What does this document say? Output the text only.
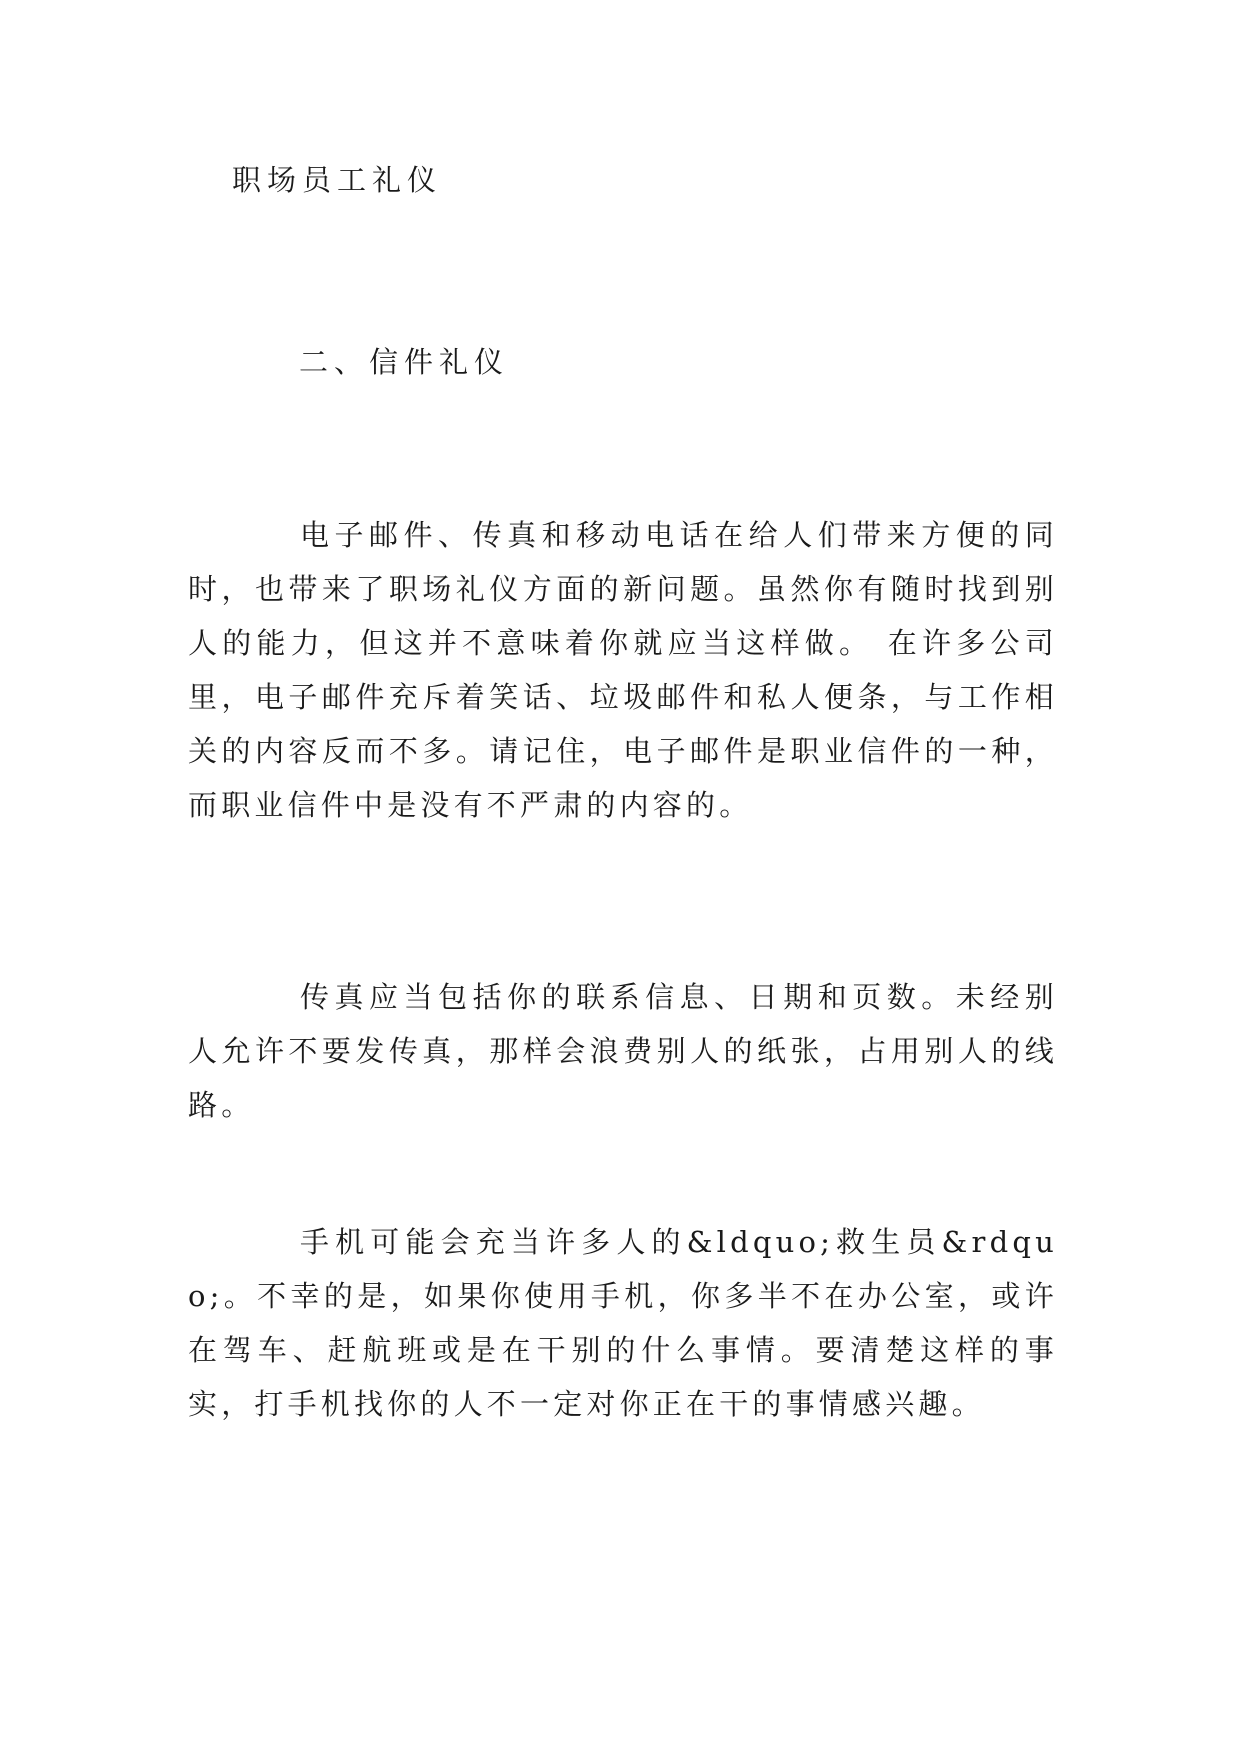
职场员工礼仪
二、信件礼仪

电子邮件、传真和移动电话在给人们带来方便的同时，也带来了职场礼仪方面的新问题。虽然你有随时找到别人的能力，但这并不意味着你就应当这样做。 在许多公司里，电子邮件充斥着笑话、垃圾邮件和私人便条，与工作相关的内容反而不多。请记住，电子邮件是职业信件的一种，而职业信件中是没有不严肃的内容的。

传真应当包括你的联系信息、日期和页数。未经别人允许不要发传真，那样会浪费别人的纸张，占用别人的线路。

手机可能会充当许多人的&ldquo;救生员&rdquo;。不幸的是，如果你使用手机，你多半不在办公室，或许在驾车、赶航班或是在干别的什么事情。要清楚这样的事实，打手机找你的人不一定对你正在干的事情感兴趣。
